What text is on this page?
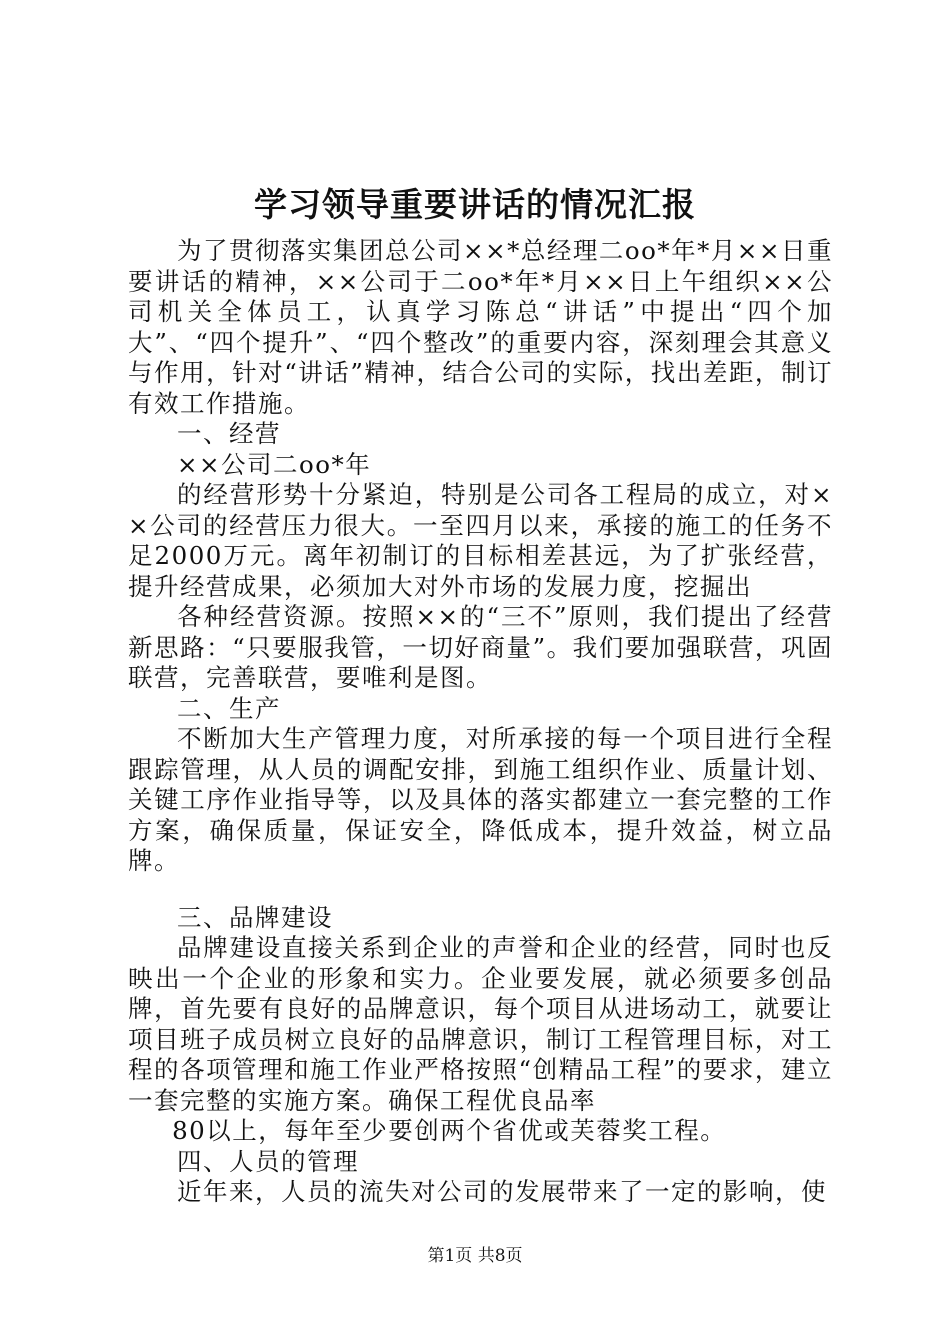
学习领导重要讲话的情况汇报

为了贯彻落实集团总公司××*总经理二oo*年*月××日重要讲话的精神，××公司于二oo*年*月××日上午组织××公司机关全体员工，认真学习陈总“讲话”中提出“四个加大”、“四个提升”、“四个整改”的重要内容，深刻理会其意义与作用，针对“讲话”精神，结合公司的实际，找出差距，制订有效工作措施。

一、经营

××公司二oo*年

的经营形势十分紧迫，特别是公司各工程局的成立，对××公司的经营压力很大。一至四月以来，承接的施工的任务不足2000万元。离年初制订的目标相差甚远，为了扩张经营，提升经营成果，必须加大对外市场的发展力度，挖掘出

各种经营资源。按照××的“三不”原则，我们提出了经营新思路：“只要服我管，一切好商量”。我们要加强联营，巩固联营，完善联营，要唯利是图。

二、生产

不断加大生产管理力度，对所承接的每一个项目进行全程跟踪管理，从人员的调配安排，到施工组织作业、质量计划、关键工序作业指导等，以及具体的落实都建立一套完整的工作方案，确保质量，保证安全，降低成本，提升效益，树立品牌。

三、品牌建设

品牌建设直接关系到企业的声誉和企业的经营，同时也反映出一个企业的形象和实力。企业要发展，就必须要多创品牌，首先要有良好的品牌意识，每个项目从进场动工，就要让项目班子成员树立良好的品牌意识，制订工程管理目标，对工程的各项管理和施工作业严格按照“创精品工程”的要求，建立一套完整的实施方案。确保工程优良品率

80以上，每年至少要创两个省优或芙蓉奖工程。

四、人员的管理

近年来，人员的流失对公司的发展带来了一定的影响，使

第1页 共8页
